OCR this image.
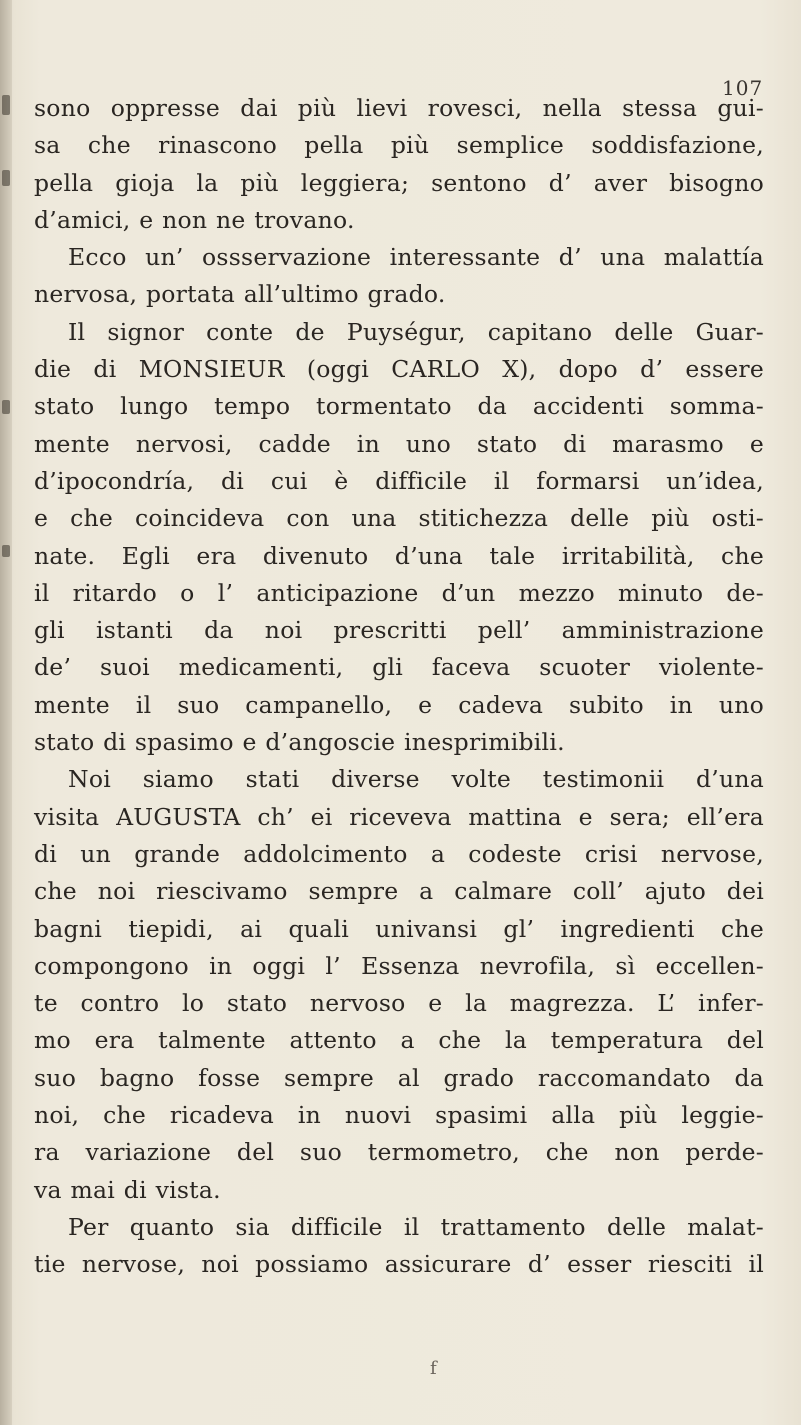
107
sono oppresse dai più lievi rovesci, nella stessa gui-
sa che rinascono pella più semplice soddisfazione,
pella gioja la più leggiera; sentono d’ aver bisogno
d’amici, e non ne trovano.
Ecco un’ ossservazione interessante d’ una malattía
nervosa, portata all’ultimo grado.
Il signor conte de Puységur, capitano delle Guar-
die di MONSIEUR (oggi CARLO X), dopo d’ essere
stato lungo tempo tormentato da accidenti somma-
mente nervosi, cadde in uno stato di marasmo e
d’ipocondría, di cui è difficile il formarsi un’idea,
e che coincideva con una stitichezza delle più osti-
nate. Egli era divenuto d’una tale irritabilità, che
il ritardo o l’ anticipazione d’un mezzo minuto de-
gli istanti da noi prescritti pell’ amministrazione
de’ suoi medicamenti, gli faceva scuoter violente-
mente il suo campanello, e cadeva subito in uno
stato di spasimo e d’angoscie inesprimibili.
Noi siamo stati diverse volte testimonii d’una
visita AUGUSTA ch’ ei riceveva mattina e sera; ell’era
di un grande addolcimento a codeste crisi nervose,
che noi riescivamo sempre a calmare coll’ ajuto dei
bagni tiepidi, ai quali univansi gl’ ingredienti che
compongono in oggi l’ Essenza nevrofila, sì eccellen-
te contro lo stato nervoso e la magrezza. L’ infer-
mo era talmente attento a che la temperatura del
suo bagno fosse sempre al grado raccomandato da
noi, che ricadeva in nuovi spasimi alla più leggie-
ra variazione del suo termometro, che non perde-
va mai di vista.
Per quanto sia difficile il trattamento delle malat-
tie nervose, noi possiamo assicurare d’ esser riesciti il
f
